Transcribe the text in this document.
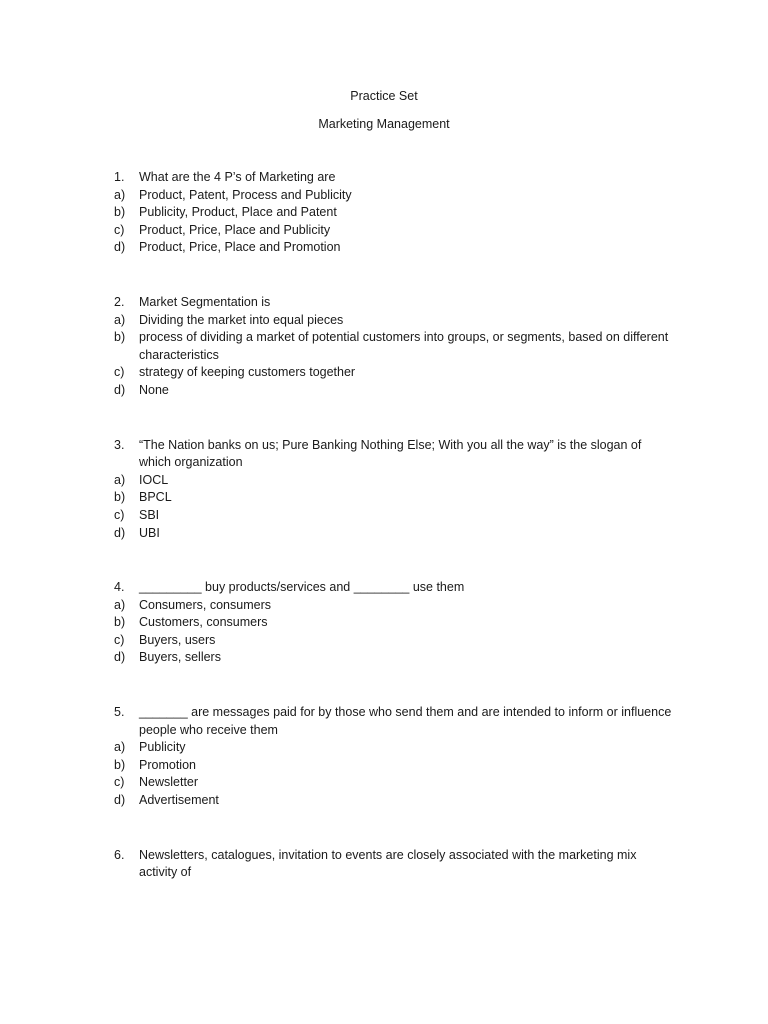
Practice Set
Marketing Management
1.	What are the 4 P’s of Marketing are
a)	Product, Patent, Process and Publicity
b)	Publicity, Product, Place and Patent
c)	Product, Price, Place and Publicity
d)	Product, Price, Place and Promotion
2.	Market Segmentation is
a)	Dividing the market into equal pieces
b)	process of dividing a market of potential customers into groups, or segments, based on different characteristics
c)	strategy of keeping customers together
d)	None
3.	“The Nation banks on us; Pure Banking Nothing Else; With you all the way” is the slogan of which organization
a)	IOCL
b)	BPCL
c)	SBI
d)	UBI
4.	_________ buy products/services and ________ use them
a)	Consumers, consumers
b)	Customers, consumers
c)	Buyers, users
d)	Buyers, sellers
5.	_______ are messages paid for by those who send them and are intended to inform or influence people who receive them
a)	Publicity
b)	Promotion
c)	Newsletter
d)	Advertisement
6.	Newsletters, catalogues, invitation to events are closely associated with the marketing mix activity of
